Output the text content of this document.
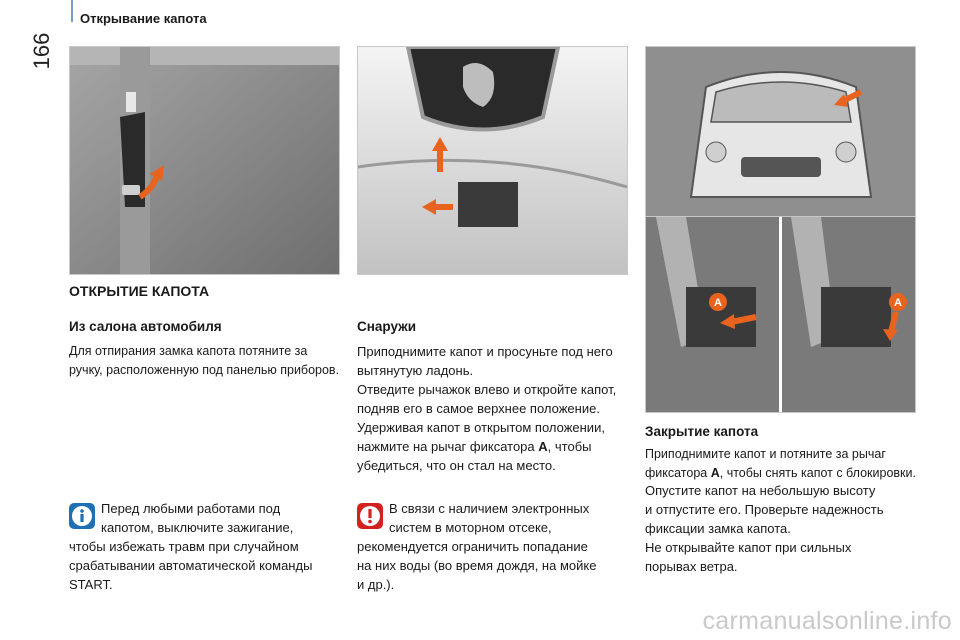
166
Открывание капота
A	A
ОТКРЫТИЕ КАПОТА
Из салона автомобиля
Для отпирания замка капота потяните за
ручку, расположенную под панелью приборов.
Снаружи
Приподнимите капот и просуньте под него
вытянутую ладонь.
Отведите рычажок влево и откройте капот,
подняв его в самое верхнее положение.
Удерживая капот в открытом положении,
нажмите на рычаг фиксатора A, чтобы
убедиться, что он стал на место.
Закрытие капота
Приподнимите капот и потяните за рычаг
фиксатора A, чтобы снять капот с блокировки.
Опустите капот на небольшую высоту
и отпустите его. Проверьте надежность
фиксации замка капота.
Не открывайте капот при сильных
порывах ветра.
Перед любыми работами под
капотом, выключите зажигание,
чтобы избежать травм при случайном
срабатывании автоматической команды
START.
В связи с наличием электронных
систем в моторном отсеке,
рекомендуется ограничить попадание
на них воды (во время дождя, на мойке
и др.).
carmanualsonline.info
